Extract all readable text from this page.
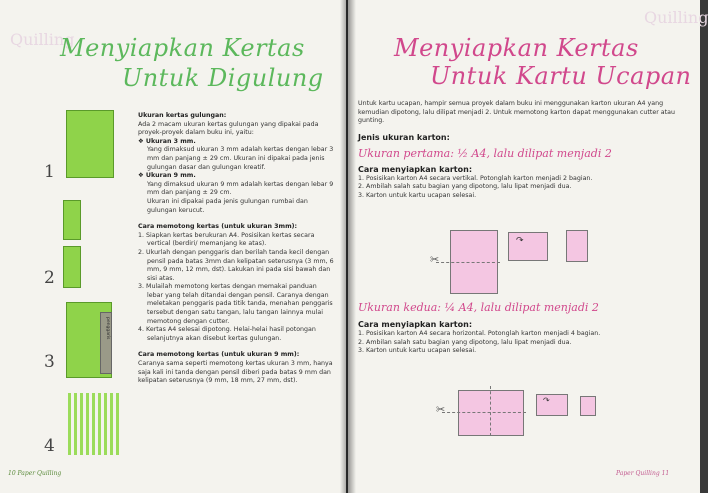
Quilling
Menyiapkan Kertas
Untuk Digulung
1
2
penggaris
3
4

Ukuran kertas gulungan:

Ada 2 macam ukuran kertas gulungan yang dipakai pada proyek-proyek dalam buku ini, yaitu:

❖ Ukuran 3 mm.

Yang dimaksud ukuran 3 mm adalah kertas dengan lebar 3 mm dan panjang ± 29 cm. Ukuran ini dipakai pada jenis gulungan dasar dan gulungan kreatif.

❖ Ukuran 9 mm.

Yang dimaksud ukuran 9 mm adalah kertas dengan lebar 9 mm dan panjang ± 29 cm.

Ukuran ini dipakai pada jenis gulungan rumbai dan gulungan kerucut.

Cara memotong kertas (untuk ukuran 3mm):

1. Siapkan kertas berukuran A4. Posisikan kertas secara vertical (berdiri/ memanjang ke atas).

2. Ukurlah dengan penggaris dan berilah tanda kecil dengan pensil pada batas 3mm dan kelipatan seterusnya (3 mm, 6 mm, 9 mm, 12 mm, dst). Lakukan ini pada sisi bawah dan sisi atas.

3. Mulailah memotong kertas dengan memakai panduan lebar yang telah ditandai dengan pensil. Caranya dengan meletakan penggaris pada titik tanda, menahan penggaris tersebut dengan satu tangan, lalu tangan lainnya mulai memotong dengan cutter.

4. Kertas A4 selesai dipotong. Helai-helai hasil potongan selanjutnya akan disebut kertas gulungan.

Cara memotong kertas (untuk ukuran 9 mm):

Caranya sama seperti memotong kertas ukuran 3 mm, hanya saja kali ini tanda dengan pensil diberi pada batas 9 mm dan kelipatan seterusnya (9 mm, 18 mm, 27 mm, dst).

10 Paper Quilling
Quilling
Menyiapkan Kertas
Untuk Kartu Ucapan

Untuk kartu ucapan, hampir semua proyek dalam buku ini menggunakan karton ukuran A4 yang kemudian dipotong, lalu dilipat menjadi 2. Untuk memotong karton dapat menggunakan cutter atau gunting.

Jenis ukuran karton:

Ukuran pertama: ½ A4, lalu dilipat menjadi 2

Cara menyiapkan karton:

1. Posisikan karton A4 secara vertikal. Potonglah karton menjadi 2 bagian.

2. Ambilah salah satu bagian yang dipotong, lalu lipat menjadi dua.

3. Karton untuk kartu ucapan selesai.

✂
↷

Ukuran kedua: ¼ A4, lalu dilipat menjadi 2

Cara menyiapkan karton:

1. Posisikan karton A4 secara horizontal. Potonglah karton menjadi 4 bagian.

2. Ambilan salah satu bagian yang dipotong, lalu lipat menjadi dua.

3. Karton untuk kartu ucapan selesai.

✂
↷
Paper Quilling 11
